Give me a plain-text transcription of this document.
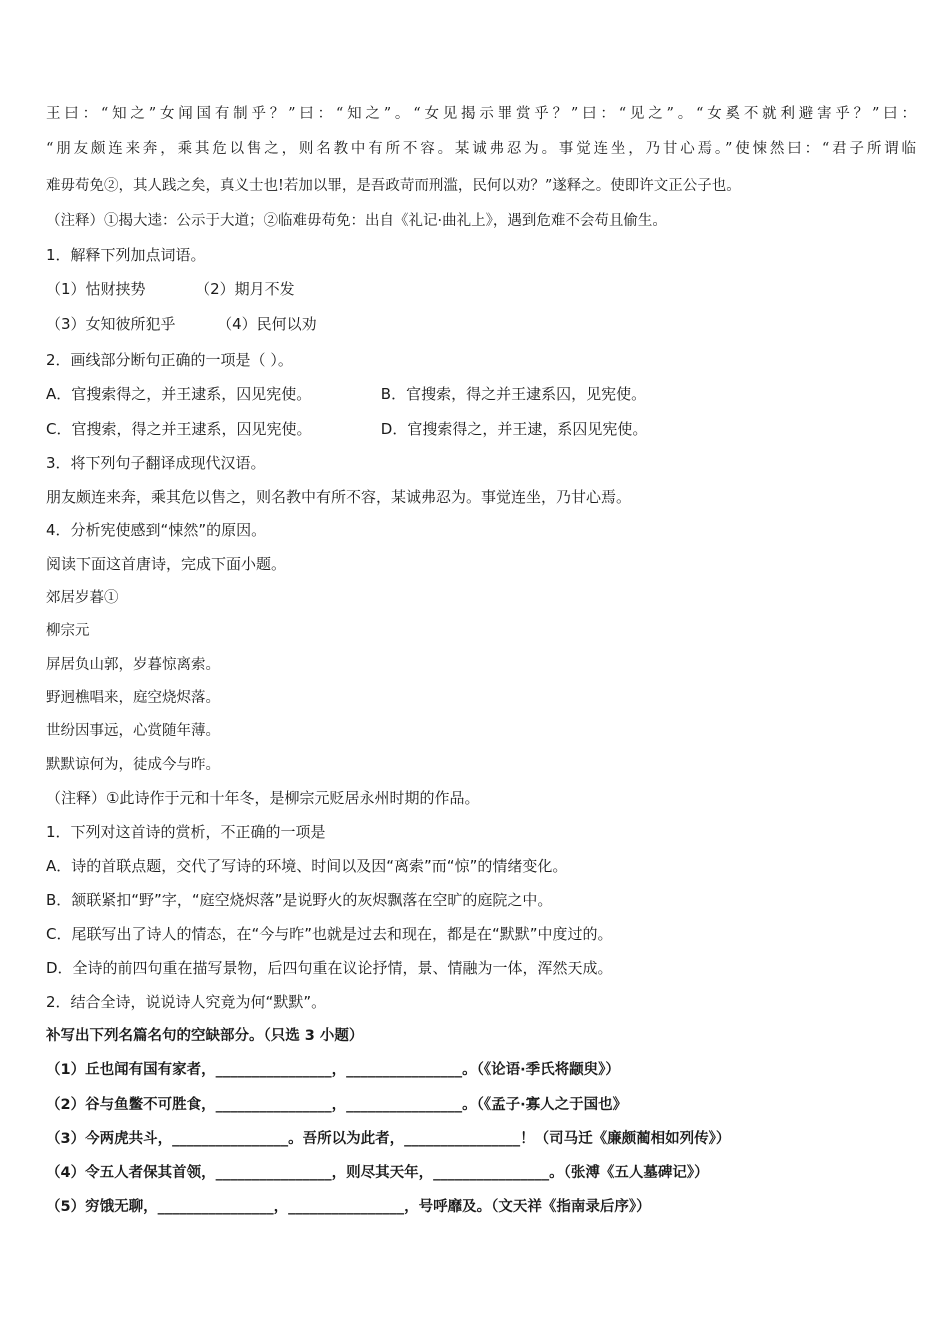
王曰：“知之”女闻国有制乎？”曰：“知之”。“女见揭示罪赏乎？”曰：“见之”。“女奚不就利避害乎？”曰：
“朋友颇连来奔，乘其危以售之，则名教中有所不容。某诚弗忍为。事觉连坐，乃甘心焉。”使悚然曰：“君子所谓临
难毋苟免②，其人践之矣，真义士也!若加以罪，是吾政苛而刑滥，民何以劝？”遂释之。使即许文正公子也。
（注释）①揭大逵：公示于大道；②临难毋苟免：出自《礼记·曲礼上》，遇到危难不会苟且偷生。
1．解释下列加点词语。
（1）怙财挟势	（2）期月不发
（3）女知彼所犯乎	（4）民何以劝
2．画线部分断句正确的一项是（ ）。
A．官搜索得之，并王逮系，囚见宪使。	B．官搜索，得之并王逮系囚，见宪使。
C．官搜索，得之并王逮系，囚见宪使。	D．官搜索得之，并王逮，系囚见宪使。
3．将下列句子翻译成现代汉语。
朋友颇连来奔，乘其危以售之，则名教中有所不容，某诚弗忍为。事觉连坐，乃甘心焉。
4．分析宪使感到“悚然”的原因。
阅读下面这首唐诗，完成下面小题。
郊居岁暮①
柳宗元
屏居负山郭，岁暮惊离索。
野迥樵唱来，庭空烧烬落。
世纷因事远，心赏随年薄。
默默谅何为，徒成今与昨。
（注释）①此诗作于元和十年冬，是柳宗元贬居永州时期的作品。
1．下列对这首诗的赏析，不正确的一项是
A．诗的首联点题，交代了写诗的环境、时间以及因“离索”而“惊”的情绪变化。
B．颔联紧扣“野”字，“庭空烧烬落”是说野火的灰烬飘落在空旷的庭院之中。
C．尾联写出了诗人的情态，在“今与昨”也就是过去和现在，都是在“默默”中度过的。
D．全诗的前四句重在描写景物，后四句重在议论抒情，景、情融为一体，浑然天成。
2．结合全诗，说说诗人究竟为何“默默”。
补写出下列名篇名句的空缺部分。（只选 3 小题）
（1）丘也闻有国有家者，________________，________________。（《论语·季氏将颛臾》）
（2）谷与鱼鳖不可胜食，________________，________________。（《孟子·寡人之于国也》
（3）今两虎共斗，________________。吾所以为此者，________________！（司马迁《廉颇蔺相如列传》）
（4）令五人者保其首领，________________，则尽其天年，________________。（张溥《五人墓碑记》）
（5）穷饿无聊，________________，________________，号呼靡及。（文天祥《指南录后序》）
